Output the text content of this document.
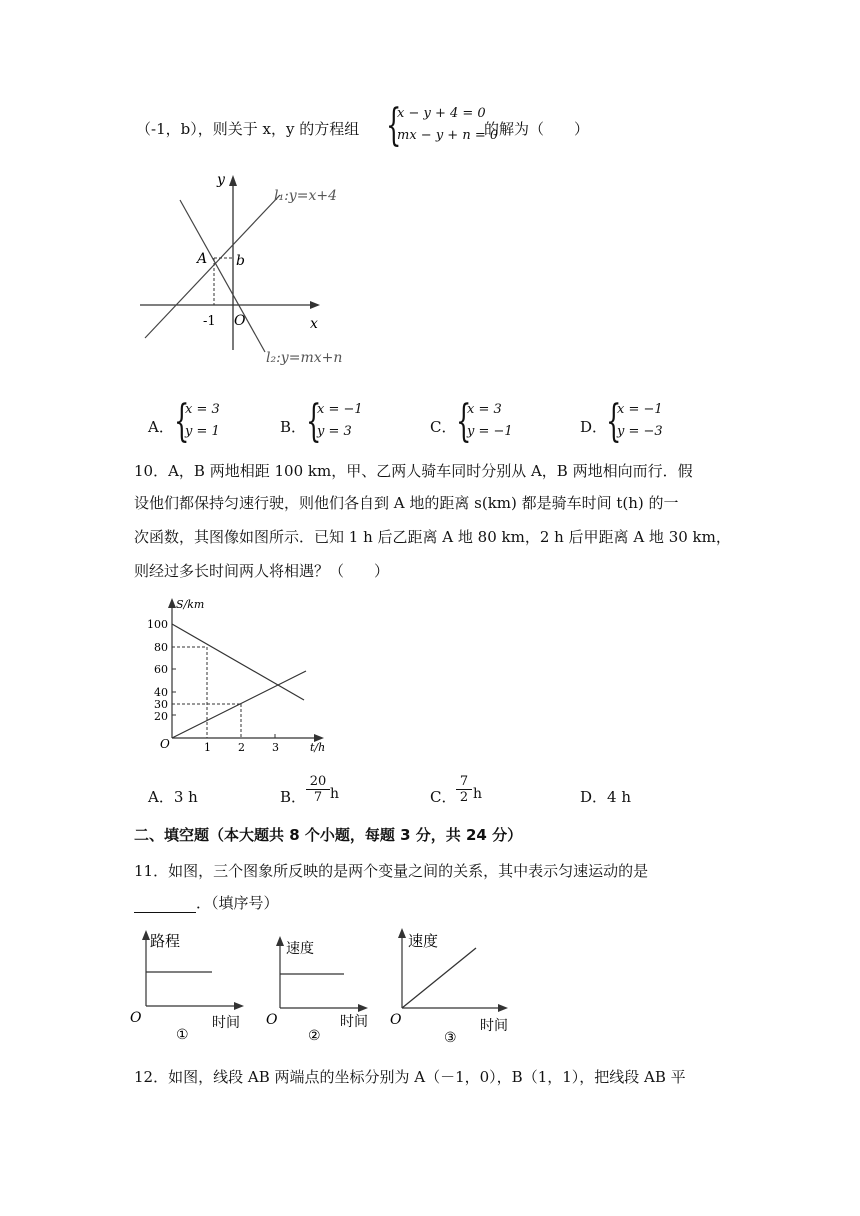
（-1，b），则关于 x，y 的方程组 {
x − y + 4 = 0
mx − y + n = 0
的解为（　　）
y
x
O
A b
-1
l₁:y=x+4
l₂:y=mx+n
A． {
x = 3
y = 1	B． {
x = −1
y = 3	C． {
x = 3
y = −1	D．
{
x = −1
y = −3
10．A，B 两地相距 100 km，甲、乙两人骑车同时分别从 A，B 两地相向而行．假
设他们都保持匀速行驶，则他们各自到 A 地的距离 s(km) 都是骑车时间 t(h) 的一
次函数，其图像如图所示．已知 1 h 后乙距离 A 地 80 km，2 h 后甲距离 A 地 30 km，
则经过多长时间两人将相遇？（　　）
S/km
t/h
O
100
80
60
40
30
20
1 2 3
A．3 h	B． $\frac{20}{7}$ h	C． $\frac{7}{2}$ h	D．4 h
二、填空题（本大题共 8 个小题，每题 3 分，共 24 分）
11．如图，三个图象所反映的是两个变量之间的关系，其中表示匀速运动的是
．（填序号）
路程
时间
O
①
速度
时间
O
②
速度
时间
O
③
12．如图，线段 AB 两端点的坐标分别为 A（－1，0），B（1，1），把线段 AB 平
